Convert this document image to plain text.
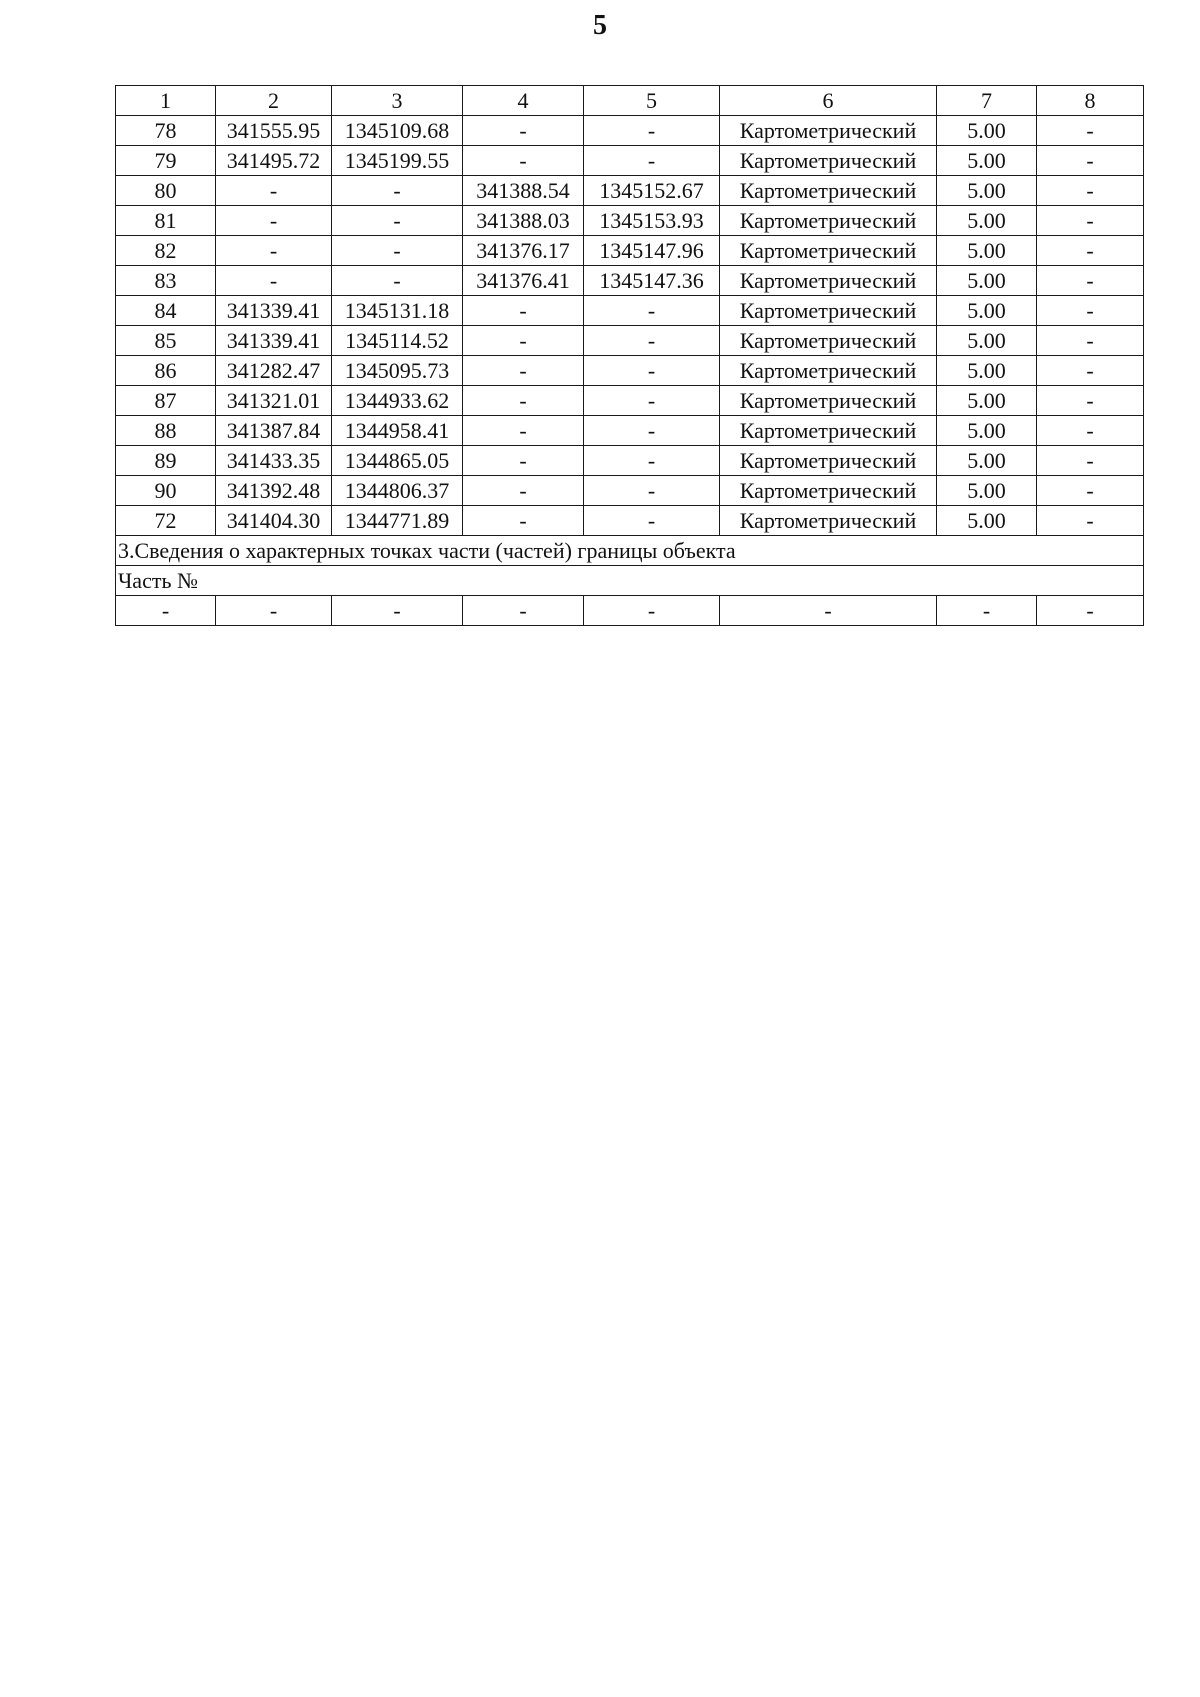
5
1	2	3	4	5	6	7	8
78	341555.95	1345109.68	-	-	Картометрический	5.00	-
79	341495.72	1345199.55	-	-	Картометрический	5.00	-
80	-	-	341388.54	1345152.67	Картометрический	5.00	-
81	-	-	341388.03	1345153.93	Картометрический	5.00	-
82	-	-	341376.17	1345147.96	Картометрический	5.00	-
83	-	-	341376.41	1345147.36	Картометрический	5.00	-
84	341339.41	1345131.18	-	-	Картометрический	5.00	-
85	341339.41	1345114.52	-	-	Картометрический	5.00	-
86	341282.47	1345095.73	-	-	Картометрический	5.00	-
87	341321.01	1344933.62	-	-	Картометрический	5.00	-
88	341387.84	1344958.41	-	-	Картометрический	5.00	-
89	341433.35	1344865.05	-	-	Картометрический	5.00	-
90	341392.48	1344806.37	-	-	Картометрический	5.00	-
72	341404.30	1344771.89	-	-	Картометрический	5.00	-
3.Сведения о характерных точках части (частей) границы объекта							
Часть №							
-	-	-	-	-	-	-	-
